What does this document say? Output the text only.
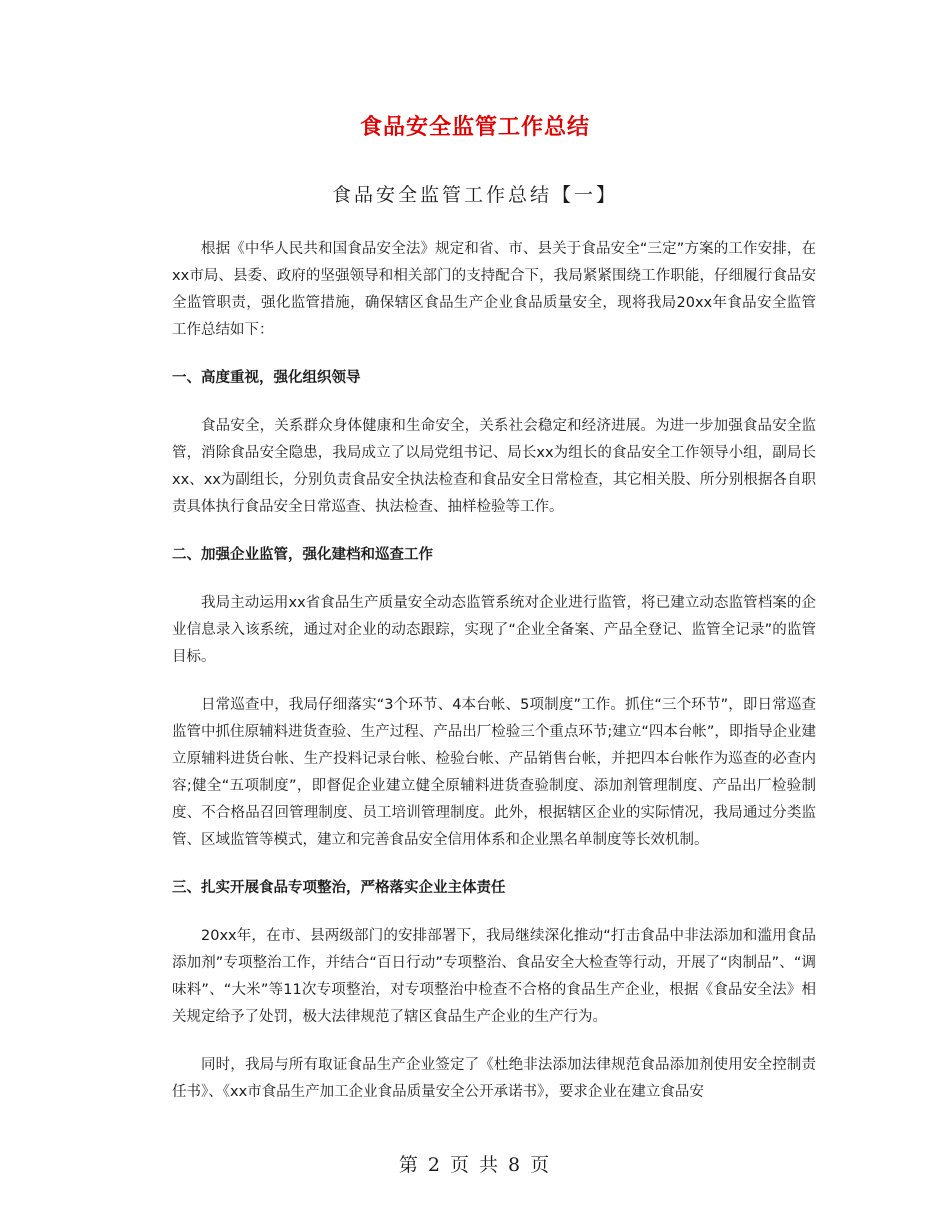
食品安全监管工作总结
食品安全监管工作总结【一】

根据《中华人民共和国食品安全法》规定和省、市、县关于食品安全“三定”方案的工作安排，在xx市局、县委、政府的坚强领导和相关部门的支持配合下，我局紧紧围绕工作职能，仔细履行食品安全监管职责，强化监管措施，确保辖区食品生产企业食品质量安全，现将我局20xx年食品安全监管工作总结如下：

一、高度重视，强化组织领导

食品安全，关系群众身体健康和生命安全，关系社会稳定和经济进展。为进一步加强食品安全监管，消除食品安全隐患，我局成立了以局党组书记、局长xx为组长的食品安全工作领导小组，副局长xx、xx为副组长，分别负责食品安全执法检查和食品安全日常检查，其它相关股、所分别根据各自职责具体执行食品安全日常巡查、执法检查、抽样检验等工作。

二、加强企业监管，强化建档和巡查工作

我局主动运用xx省食品生产质量安全动态监管系统对企业进行监管，将已建立动态监管档案的企业信息录入该系统，通过对企业的动态跟踪，实现了“企业全备案、产品全登记、监管全记录”的监管目标。

日常巡查中，我局仔细落实“3个环节、4本台帐、5项制度”工作。抓住“三个环节”，即日常巡查监管中抓住原辅料进货查验、生产过程、产品出厂检验三个重点环节;建立“四本台帐”，即指导企业建立原辅料进货台帐、生产投料记录台帐、检验台帐、产品销售台帐，并把四本台帐作为巡查的必查内容;健全“五项制度”，即督促企业建立健全原辅料进货查验制度、添加剂管理制度、产品出厂检验制度、不合格品召回管理制度、员工培训管理制度。此外，根据辖区企业的实际情况，我局通过分类监管、区域监管等模式，建立和完善食品安全信用体系和企业黑名单制度等长效机制。

三、扎实开展食品专项整治，严格落实企业主体责任

20xx年，在市、县两级部门的安排部署下，我局继续深化推动“打击食品中非法添加和滥用食品添加剂”专项整治工作，并结合“百日行动”专项整治、食品安全大检查等行动，开展了“肉制品”、“调味料”、“大米”等11次专项整治，对专项整治中检查不合格的食品生产企业，根据《食品安全法》相关规定给予了处罚，极大法律规范了辖区食品生产企业的生产行为。

同时，我局与所有取证食品生产企业签定了《杜绝非法添加法律规范食品添加剂使用安全控制责任书》、《xx市食品生产加工企业食品质量安全公开承诺书》，要求企业在建立食品安

第 2 页 共 8 页
